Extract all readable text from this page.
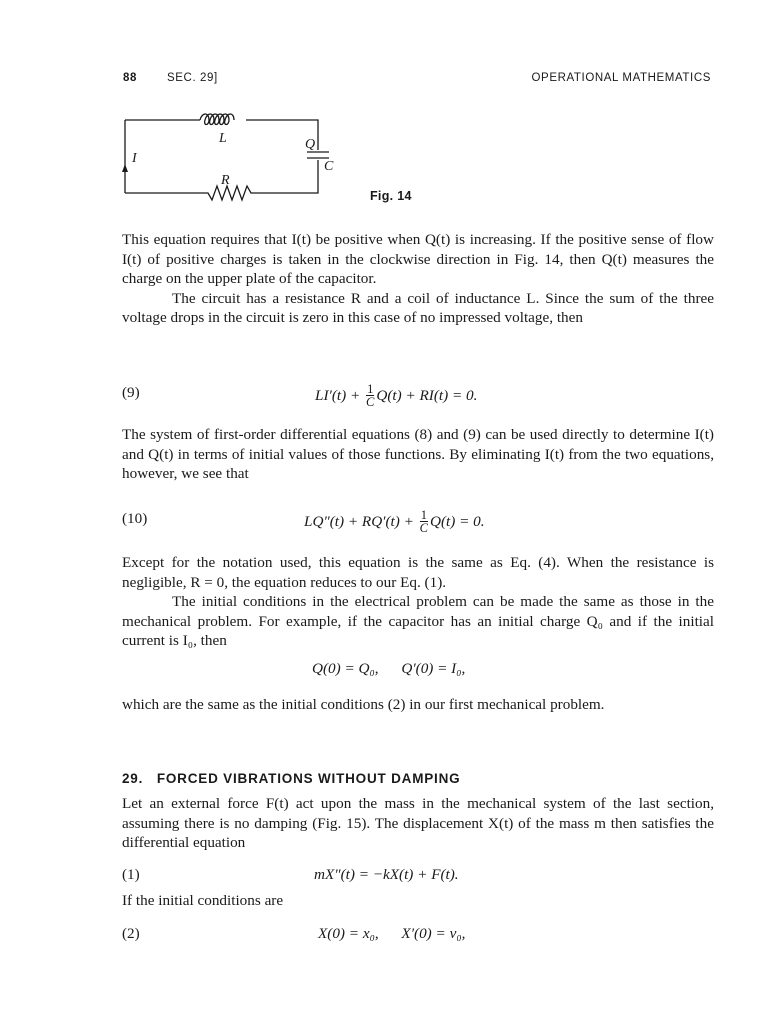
88	SEC. 29]	OPERATIONAL MATHEMATICS
L
I
Q
C
R
Fig. 14

This equation requires that I(t) be positive when Q(t) is increasing. If the positive sense of flow I(t) of positive charges is taken in the clockwise direction in Fig. 14, then Q(t) measures the charge on the upper plate of the capacitor.

The circuit has a resistance R and a coil of inductance L. Since the sum of the three voltage drops in the circuit is zero in this case of no impressed voltage, then

(9)	$LI'(t) + \frac{1}{C} Q(t) + RI(t) = 0$.

The system of first-order differential equations (8) and (9) can be used directly to determine I(t) and Q(t) in terms of initial values of those functions. By eliminating I(t) from the two equations, however, we see that

(10)	$LQ''(t) + RQ'(t) + \frac{1}{C} Q(t) = 0$.

Except for the notation used, this equation is the same as Eq. (4). When the resistance is negligible, R = 0, the equation reduces to our Eq. (1).

The initial conditions in the electrical problem can be made the same as those in the mechanical problem. For example, if the capacitor has an initial charge Q₀ and if the initial current is I₀, then

Q(0) = Q₀,      Q′(0) = I₀,

which are the same as the initial conditions (2) in our first mechanical problem.

29.   FORCED VIBRATIONS WITHOUT DAMPING

Let an external force F(t) act upon the mass in the mechanical system of the last section, assuming there is no damping (Fig. 15). The displacement X(t) of the mass m then satisfies the differential equation

(1)	mX″(t) = −kX(t) + F(t).

If the initial conditions are

(2)	X(0) = x₀,      X′(0) = v₀,
